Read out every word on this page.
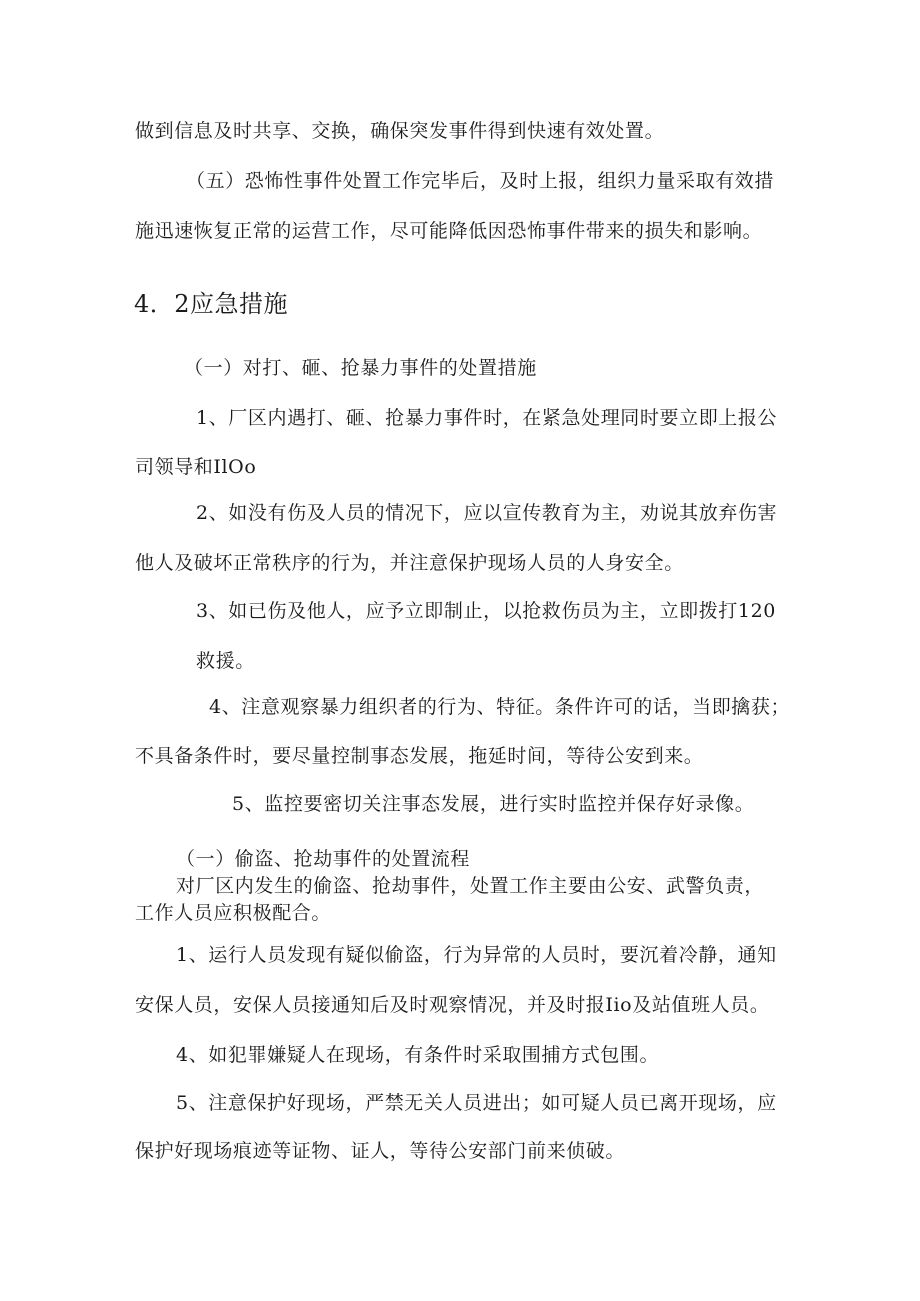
做到信息及时共享、交换，确保突发事件得到快速有效处置。
（五）恐怖性事件处置工作完毕后，及时上报，组织力量采取有效措
施迅速恢复正常的运营工作，尽可能降低因恐怖事件带来的损失和影响。
4．2应急措施
（一）对打、砸、抢暴力事件的处置措施
1、厂区内遇打、砸、抢暴力事件时，在紧急处理同时要立即上报公
司领导和IlOo
2、如没有伤及人员的情况下，应以宣传教育为主，劝说其放弃伤害
他人及破坏正常秩序的行为，并注意保护现场人员的人身安全。
3、如已伤及他人，应予立即制止，以抢救伤员为主，立即拨打120
救援。
4、注意观察暴力组织者的行为、特征。条件许可的话，当即擒获；
不具备条件时，要尽量控制事态发展，拖延时间，等待公安到来。
5、监控要密切关注事态发展，进行实时监控并保存好录像。
（一）偷盗、抢劫事件的处置流程
对厂区内发生的偷盗、抢劫事件，处置工作主要由公安、武警负责，
工作人员应积极配合。
1、运行人员发现有疑似偷盗，行为异常的人员时，要沉着冷静，通知
安保人员，安保人员接通知后及时观察情况，并及时报Iio及站值班人员。
4、如犯罪嫌疑人在现场，有条件时采取围捕方式包围。
5、注意保护好现场，严禁无关人员进出；如可疑人员已离开现场，应
保护好现场痕迹等证物、证人，等待公安部门前来侦破。
